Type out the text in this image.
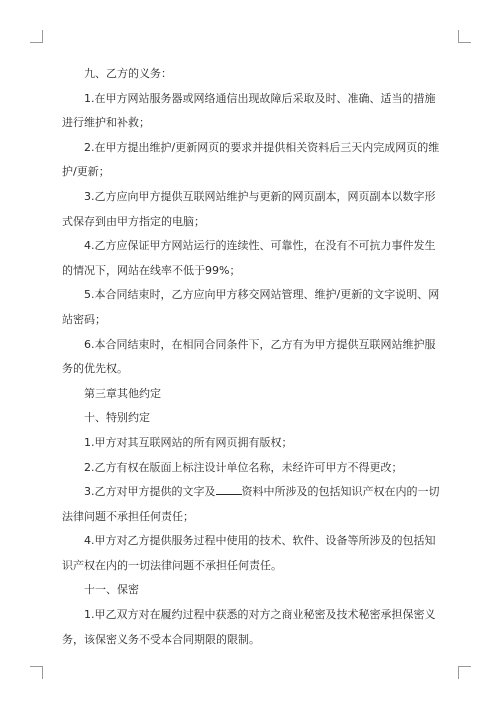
九、乙方的义务：

1.在甲方网站服务器或网络通信出现故障后采取及时、准确、适当的措施进行维护和补救；

2.在甲方提出维护/更新网页的要求并提供相关资料后三天内完成网页的维护/更新；

3.乙方应向甲方提供互联网站维护与更新的网页副本，网页副本以数字形式保存到由甲方指定的电脑；

4.乙方应保证甲方网站运行的连续性、可靠性，在没有不可抗力事件发生的情况下，网站在线率不低于99%；

5.本合同结束时，乙方应向甲方移交网站管理、维护/更新的文字说明、网站密码；

6.本合同结束时，在相同合同条件下，乙方有为甲方提供互联网站维护服务的优先权。

第三章其他约定

十、特别约定

1.甲方对其互联网站的所有网页拥有版权；

2.乙方有权在版面上标注设计单位名称，未经许可甲方不得更改；

3.乙方对甲方提供的文字及 资料中所涉及的包括知识产权在内的一切法律问题不承担任何责任；

4.甲方对乙方提供服务过程中使用的技术、软件、设备等所涉及的包括知识产权在内的一切法律问题不承担任何责任。

十一、保密

1.甲乙双方对在履约过程中获悉的对方之商业秘密及技术秘密承担保密义务，该保密义务不受本合同期限的限制。
